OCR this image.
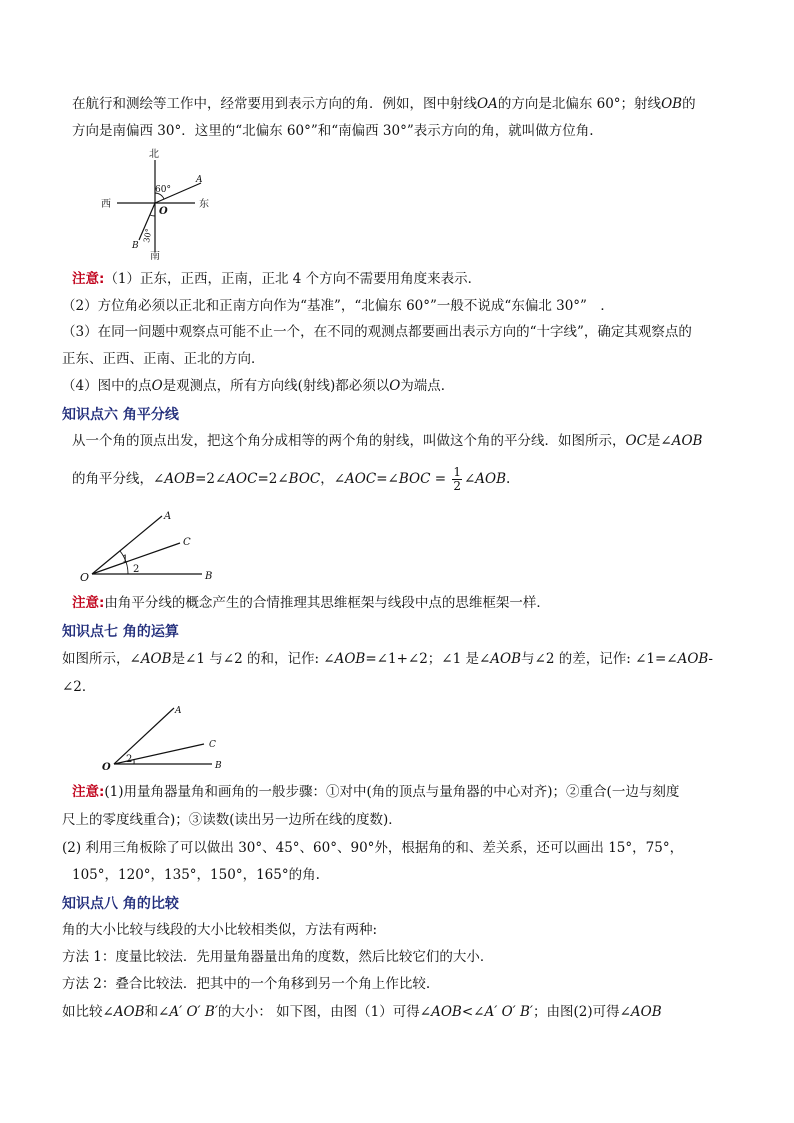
在航行和测绘等工作中，经常要用到表示方向的角．例如，图中射线OA的方向是北偏东 60°；射线OB的
方向是南偏西 30°．这里的“北偏东 60°”和“南偏西 30°”表示方向的角，就叫做方位角.
北
南
东
西
O
A
B
60°
30°
注意:（1）正东，正西，正南，正北 4 个方向不需要用角度来表示．
（2）方位角必须以正北和正南方向作为“基准”，“北偏东 60°”一般不说成“东偏北 30°”　．
（3）在同一问题中观察点可能不止一个，在不同的观测点都要画出表示方向的“十字线”，确定其观察点的
正东、正西、正南、正北的方向．
（4）图中的点O是观测点，所有方向线(射线)都必须以O为端点．
知识点六 角平分线
从一个角的顶点出发，把这个角分成相等的两个角的射线，叫做这个角的平分线．如图所示，OC是∠AOB
的角平分线，∠AOB=2∠AOC=2∠BOC，∠AOC=∠BOC = $\frac{1}{2}$ ∠AOB.
O
A
C
B
1
2
注意:由角平分线的概念产生的合情推理其思维框架与线段中点的思维框架一样．
知识点七 角的运算
如图所示，∠AOB是∠1 与∠2 的和，记作: ∠AOB=∠1+∠2；∠1 是∠AOB与∠2 的差，记作: ∠1=∠AOB-
∠2．
O
A
C
B
2
注意:(1)用量角器量角和画角的一般步骤：①对中(角的顶点与量角器的中心对齐)；②重合(一边与刻度
尺上的零度线重合)；③读数(读出另一边所在线的度数)．
(2) 利用三角板除了可以做出 30°、45°、60°、90°外，根据角的和、差关系，还可以画出 15°，75°，
105°，120°，135°，150°，165°的角.
知识点八 角的比较
角的大小比较与线段的大小比较相类似，方法有两种:
方法 1：度量比较法．先用量角器量出角的度数，然后比较它们的大小．
方法 2：叠合比较法．把其中的一个角移到另一个角上作比较.
如比较∠AOB和∠A′ O′ B′的大小： 如下图，由图（1）可得∠AOB<∠A′ O′ B′；由图(2)可得∠AOB
